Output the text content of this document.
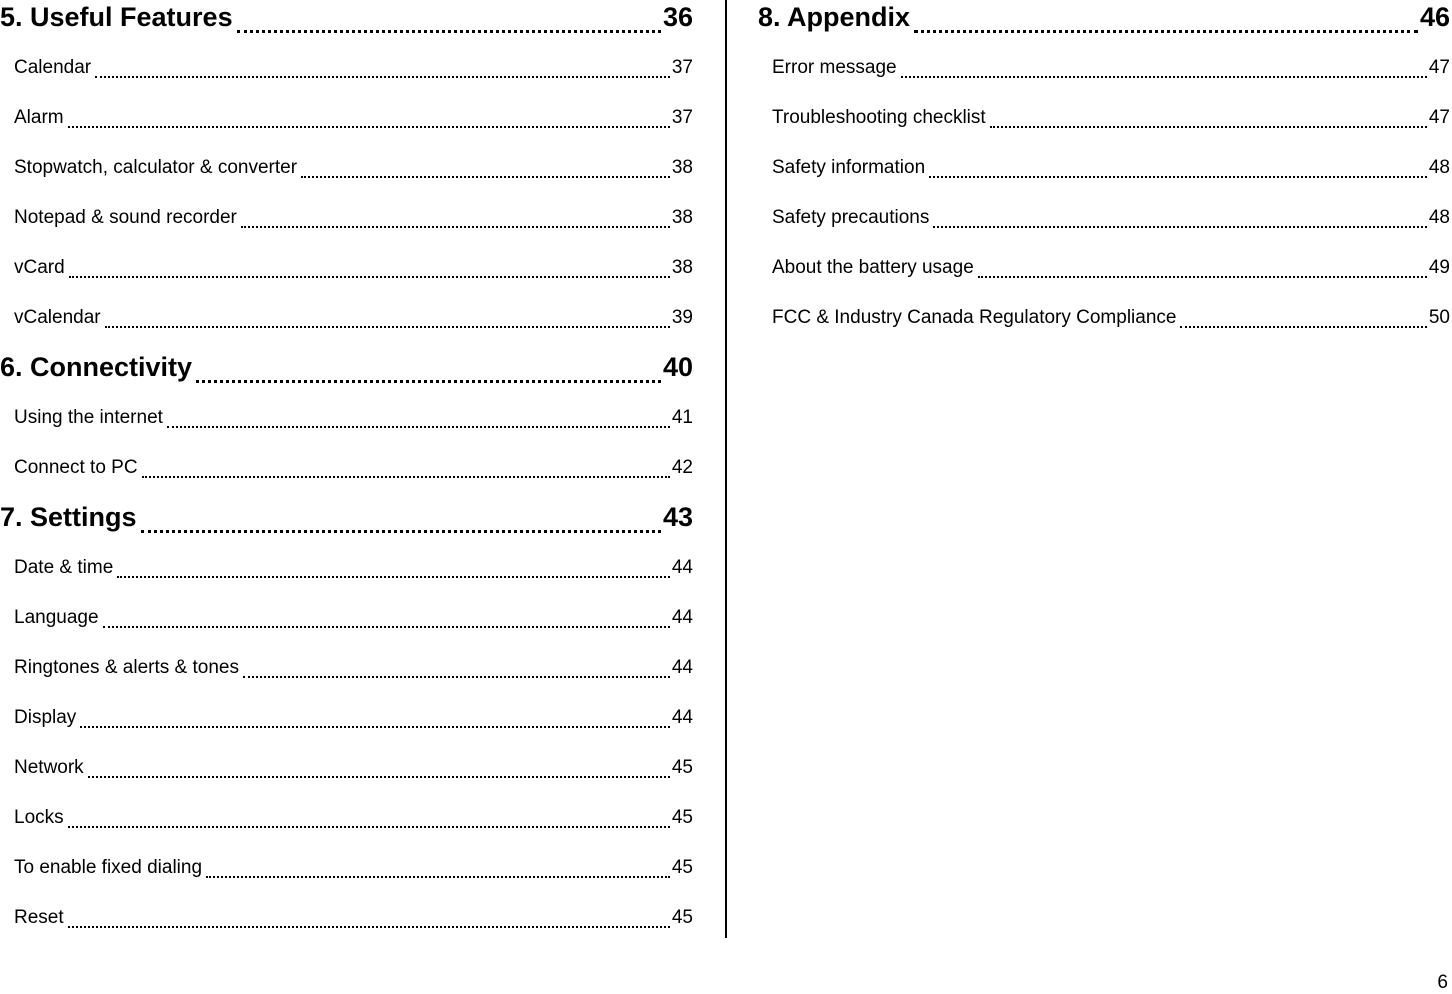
5. Useful Features	36
Calendar	37
Alarm	37
Stopwatch, calculator & converter	38
Notepad & sound recorder	38
vCard	38
vCalendar	39
6. Connectivity	40
Using the internet	41
Connect to PC	42
7. Settings	43
Date & time	44
Language	44
Ringtones & alerts & tones	44
Display	44
Network	45
Locks	45
To enable fixed dialing	45
Reset	45
8. Appendix	46
Error message	47
Troubleshooting checklist	47
Safety information	48
Safety precautions	48
About the battery usage	49
FCC & Industry Canada Regulatory Compliance	50
6
